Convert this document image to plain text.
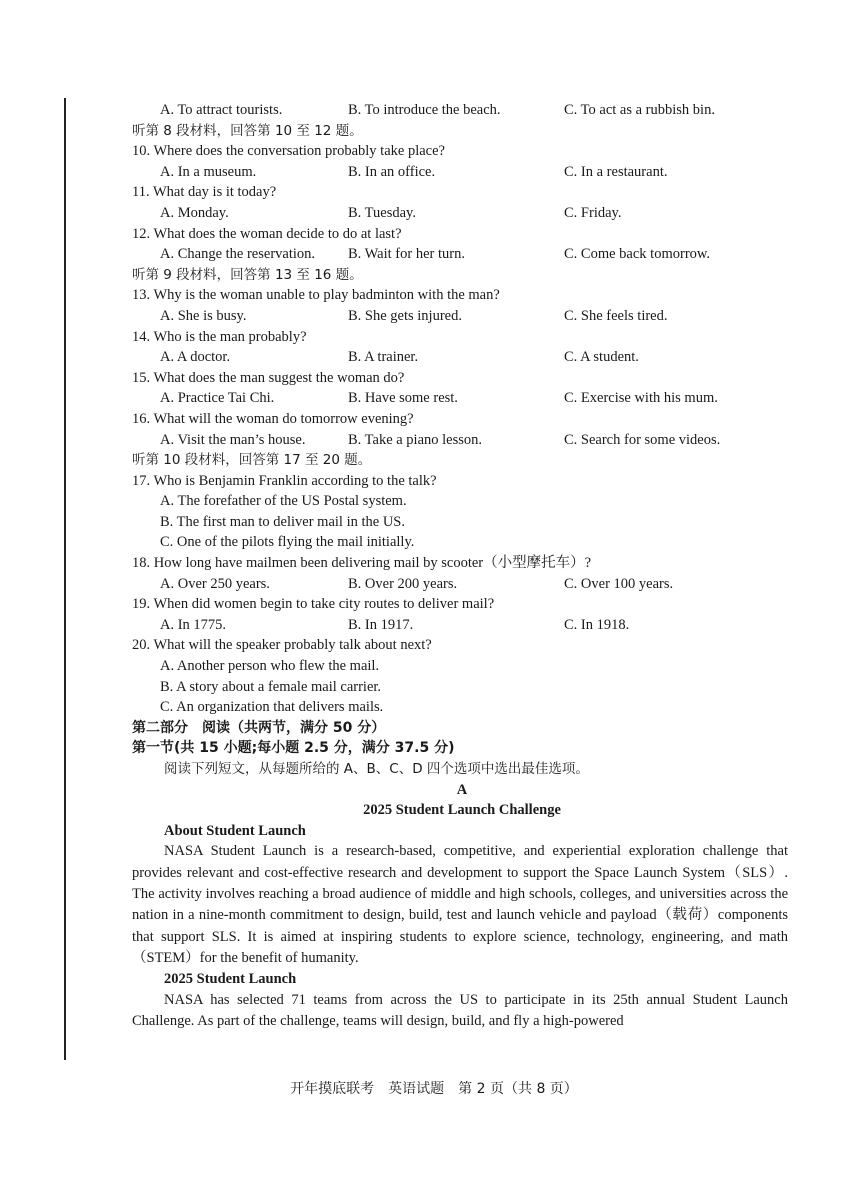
A. To attract tourists.	B. To introduce the beach.	C. To act as a rubbish bin.
听第 8 段材料，回答第 10 至 12 题。
10. Where does the conversation probably take place?
A. In a museum.	B. In an office.	C. In a restaurant.
11. What day is it today?
A. Monday.	B. Tuesday.	C. Friday.
12. What does the woman decide to do at last?
A. Change the reservation. B. Wait for her turn.	C. Come back tomorrow.
听第 9 段材料，回答第 13 至 16 题。
13. Why is the woman unable to play badminton with the man?
A. She is busy.	B. She gets injured.	C. She feels tired.
14. Who is the man probably?
A. A doctor.	B. A trainer.	C. A student.
15. What does the man suggest the woman do?
A. Practice Tai Chi.	B. Have some rest.	C. Exercise with his mum.
16. What will the woman do tomorrow evening?
A. Visit the man’s house.	B. Take a piano lesson.	C. Search for some videos.
听第 10 段材料，回答第 17 至 20 题。
17. Who is Benjamin Franklin according to the talk?
A. The forefather of the US Postal system.
B. The first man to deliver mail in the US.
C. One of the pilots flying the mail initially.
18. How long have mailmen been delivering mail by scooter（小型摩托车）?
A. Over 250 years.	B. Over 200 years.	C. Over 100 years.
19. When did women begin to take city routes to deliver mail?
A. In 1775.	B. In 1917.	C. In 1918.
20. What will the speaker probably talk about next?
A. Another person who flew the mail.
B. A story about a female mail carrier.
C. An organization that delivers mails.
第二部分　阅读（共两节，满分 50 分）
第一节(共 15 小题;每小题 2.5 分，满分 37.5 分)
阅读下列短文，从每题所给的 A、B、C、D 四个选项中选出最佳选项。
A
2025 Student Launch Challenge
About Student Launch
NASA Student Launch is a research-based, competitive, and experiential exploration challenge that provides relevant and cost-effective research and development to support the Space Launch System（SLS）. The activity involves reaching a broad audience of middle and high schools, colleges, and universities across the nation in a nine-month commitment to design, build, test and launch vehicle and payload（载荷）components that support SLS. It is aimed at inspiring students to explore science, technology, engineering, and math（STEM）for the benefit of humanity.
2025 Student Launch
NASA has selected 71 teams from across the US to participate in its 25th annual Student Launch Challenge. As part of the challenge, teams will design, build, and fly a high-powered
开年摸底联考　英语试题　第 2 页（共 8 页）
